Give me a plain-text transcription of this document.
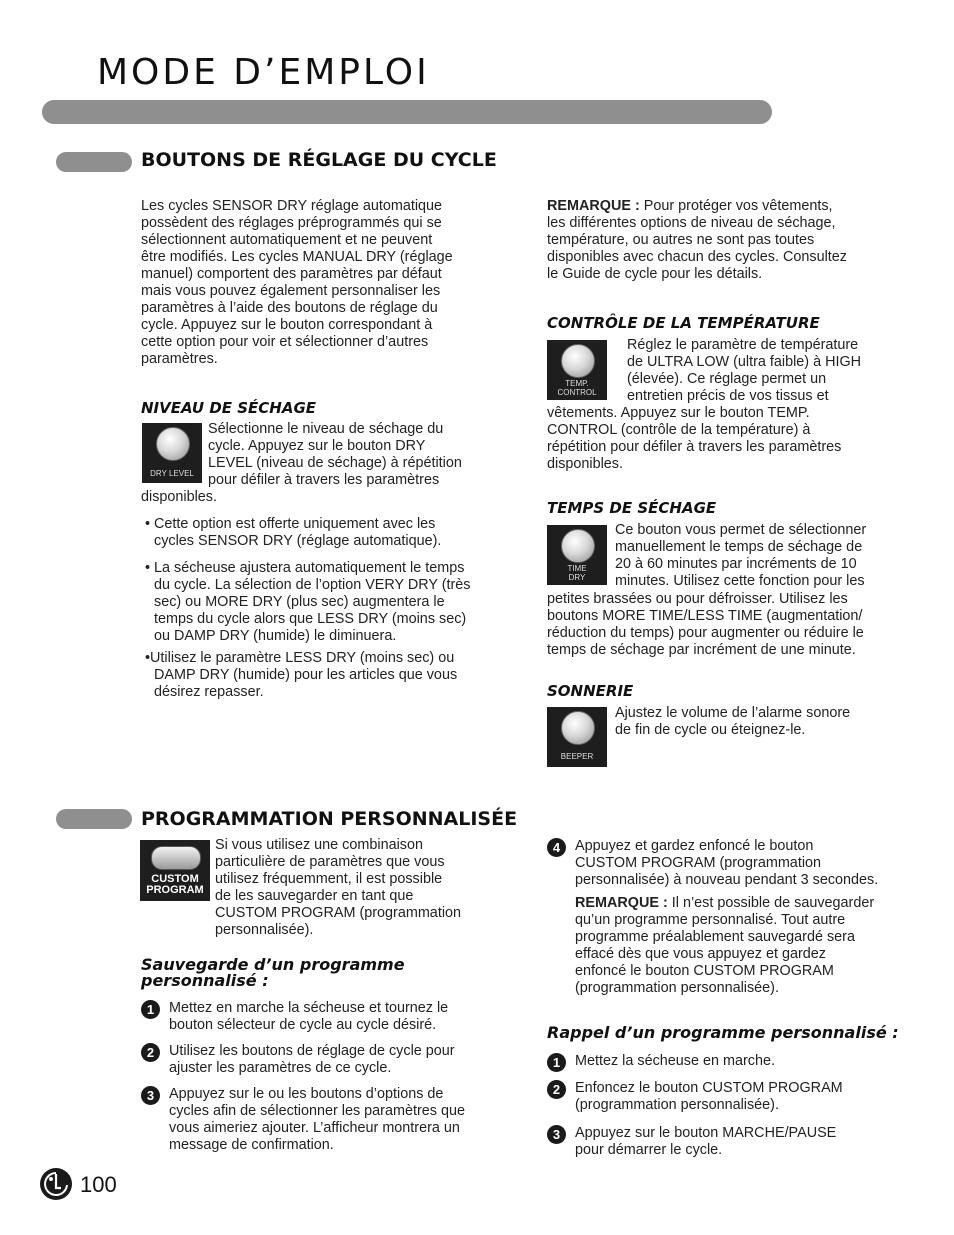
MODE D’EMPLOI
BOUTONS DE RÉGLAGE DU CYCLE
Les cycles SENSOR DRY réglage automatique
possèdent des réglages préprogrammés qui se
sélectionnent automatiquement et ne peuvent
être modifiés. Les cycles MANUAL DRY (réglage
manuel) comportent des paramètres par défaut
mais vous pouvez également personnaliser les
paramètres à l’aide des boutons de réglage du
cycle. Appuyez sur le bouton correspondant à
cette option pour voir et sélectionner d’autres
paramètres.
NIVEAU DE SÉCHAGE
DRY LEVEL
Sélectionne le niveau de séchage du
cycle. Appuyez sur le bouton DRY
LEVEL (niveau de séchage) à répétition
pour défiler à travers les paramètres
disponibles.
• Cette option est offerte uniquement avec les
cycles SENSOR DRY (réglage automatique).
• La sécheuse ajustera automatiquement le temps
du cycle. La sélection de l’option VERY DRY (très
sec) ou MORE DRY (plus sec) augmentera le
temps du cycle alors que LESS DRY (moins sec)
ou DAMP DRY (humide) le diminuera.
•Utilisez le paramètre LESS DRY (moins sec) ou
DAMP DRY (humide) pour les articles que vous
désirez repasser.
REMARQUE : Pour protéger vos vêtements,
les différentes options de niveau de séchage,
température, ou autres ne sont pas toutes
disponibles avec chacun des cycles. Consultez
le Guide de cycle pour les détails.
CONTRÔLE DE LA TEMPÉRATURE
TEMP.
CONTROL
Réglez le paramètre de température
de ULTRA LOW (ultra faible) à HIGH
(élevée). Ce réglage permet un
entretien précis de vos tissus et
vêtements. Appuyez sur le bouton TEMP.
CONTROL (contrôle de la température) à
répétition pour défiler à travers les paramètres
disponibles.
TEMPS DE SÉCHAGE
TIME
DRY
Ce bouton vous permet de sélectionner
manuellement le temps de séchage de
20 à 60 minutes par incréments de 10
minutes. Utilisez cette fonction pour les
petites brassées ou pour défroisser. Utilisez les
boutons MORE TIME/LESS TIME (augmentation/
réduction du temps) pour augmenter ou réduire le
temps de séchage par incrément de une minute.
SONNERIE
BEEPER
Ajustez le volume de l’alarme sonore
de fin de cycle ou éteignez-le.
PROGRAMMATION PERSONNALISÉE
CUSTOM
PROGRAM
Si vous utilisez une combinaison
particulière de paramètres que vous
utilisez fréquemment, il est possible
de les sauvegarder en tant que
CUSTOM PROGRAM (programmation
personnalisée).
Sauvegarde d’un programme
personnalisé :
1	Mettez en marche la sécheuse et tournez le
bouton sélecteur de cycle au cycle désiré.
2	Utilisez les boutons de réglage de cycle pour
ajuster les paramètres de ce cycle.
3	Appuyez sur le ou les boutons d’options de
cycles afin de sélectionner les paramètres que
vous aimeriez ajouter. L’afficheur montrera un
message de confirmation.
4	Appuyez et gardez enfoncé le bouton
CUSTOM PROGRAM (programmation
personnalisée) à nouveau pendant 3 secondes.
REMARQUE : Il n’est possible de sauvegarder
qu’un programme personnalisé. Tout autre
programme préalablement sauvegardé sera
effacé dès que vous appuyez et gardez
enfoncé le bouton CUSTOM PROGRAM
(programmation personnalisée).
Rappel d’un programme personnalisé :
1	Mettez la sécheuse en marche.
2	Enfoncez le bouton CUSTOM PROGRAM
(programmation personnalisée).
3	Appuyez sur le bouton MARCHE/PAUSE
pour démarrer le cycle.
100
